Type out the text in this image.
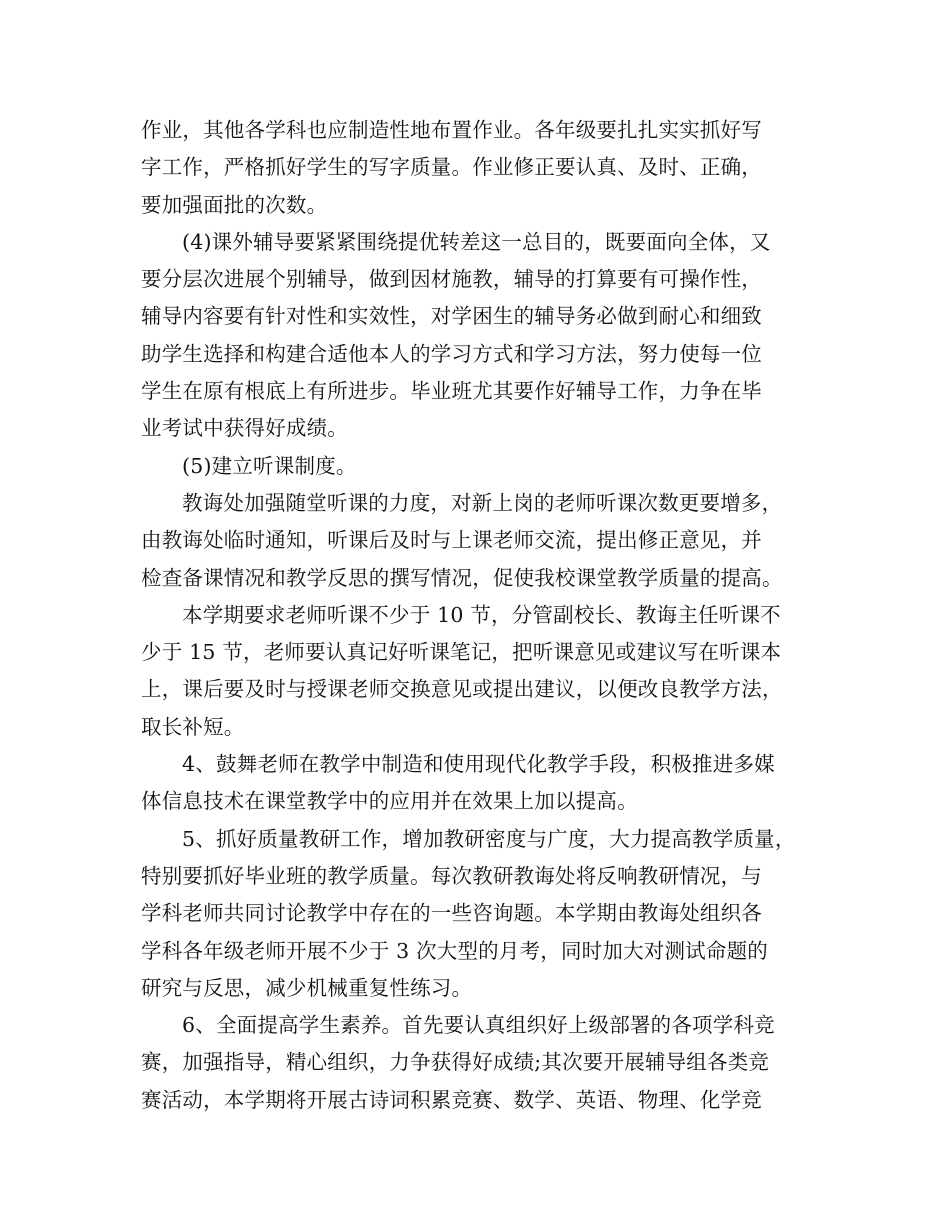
作业，其他各学科也应制造性地布置作业。各年级要扎扎实实抓好写
字工作，严格抓好学生的写字质量。作业修正要认真、及时、正确，
要加强面批的次数。
(4)课外辅导要紧紧围绕提优转差这一总目的，既要面向全体，又
要分层次进展个别辅导，做到因材施教，辅导的打算要有可操作性，
辅导内容要有针对性和实效性，对学困生的辅导务必做到耐心和细致
助学生选择和构建合适他本人的学习方式和学习方法，努力使每一位
学生在原有根底上有所进步。毕业班尤其要作好辅导工作，力争在毕
业考试中获得好成绩。
(5)建立听课制度。
教诲处加强随堂听课的力度，对新上岗的老师听课次数更要增多，
由教诲处临时通知，听课后及时与上课老师交流，提出修正意见，并
检查备课情况和教学反思的撰写情况，促使我校课堂教学质量的提高。
本学期要求老师听课不少于 10 节，分管副校长、教诲主任听课不
少于 15 节，老师要认真记好听课笔记，把听课意见或建议写在听课本
上，课后要及时与授课老师交换意见或提出建议，以便改良教学方法，
取长补短。
4、鼓舞老师在教学中制造和使用现代化教学手段，积极推进多媒
体信息技术在课堂教学中的应用并在效果上加以提高。
5、抓好质量教研工作，增加教研密度与广度，大力提高教学质量，
特别要抓好毕业班的教学质量。每次教研教诲处将反响教研情况，与
学科老师共同讨论教学中存在的一些咨询题。本学期由教诲处组织各
学科各年级老师开展不少于 3 次大型的月考，同时加大对测试命题的
研究与反思，减少机械重复性练习。
6、全面提高学生素养。首先要认真组织好上级部署的各项学科竞
赛，加强指导，精心组织，力争获得好成绩;其次要开展辅导组各类竞
赛活动，本学期将开展古诗词积累竞赛、数学、英语、物理、化学竞
